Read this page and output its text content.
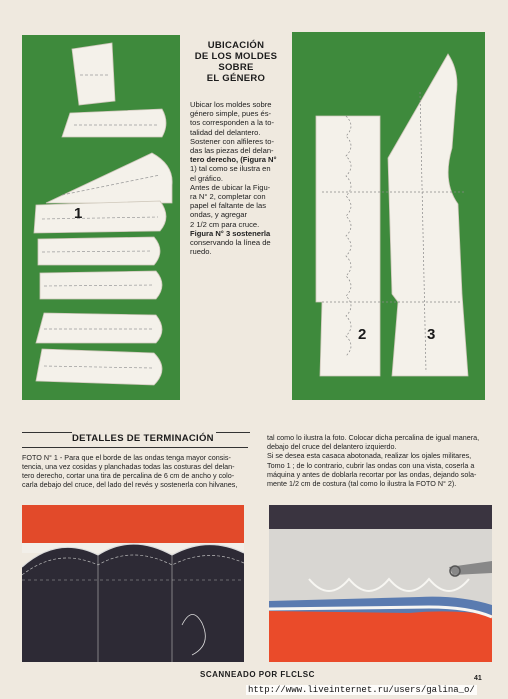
1
UBICACIÓN
DE LOS MOLDES
SOBRE
EL GÉNERO
Ubicar los moldes sobre
género simple, pues és-
tos corresponden a la to-
talidad del delantero.
Sostener con alfileres to-
das las piezas del delan-
tero derecho, (Figura N°
1) tal como se ilustra en
el gráfico.
Antes de ubicar la Figu-
ra N° 2, completar con
papel el faltante de las
ondas, y agregar
2 1/2 cm para cruce.
Figura N° 3 sostenerla
conservando la línea de
ruedo.
2	3
DETALLES DE TERMINACIÓN
FOTO N° 1 - Para que el borde de las ondas tenga mayor consis-
tencia, una vez cosidas y planchadas todas las costuras del delan-
tero derecho, cortar una tira de percalina de 6 cm de ancho y colo-
carla debajo del cruce, del lado del revés y sostenerla con hilvanes,
tal como lo ilustra la foto. Colocar dicha percalina de igual manera,
debajo del cruce del delantero izquierdo.
Si se desea esta casaca abotonada, realizar los ojales militares,
Tomo 1 ; de lo contrario, cubrir las ondas con una vista, coserla a
máquina y antes de doblarla recortar por las ondas, dejando sola-
mente 1/2 cm de costura (tal como lo ilustra la FOTO N° 2).
SCANNEADO POR FLCLSC	41
http://www.liveinternet.ru/users/galina_o/
